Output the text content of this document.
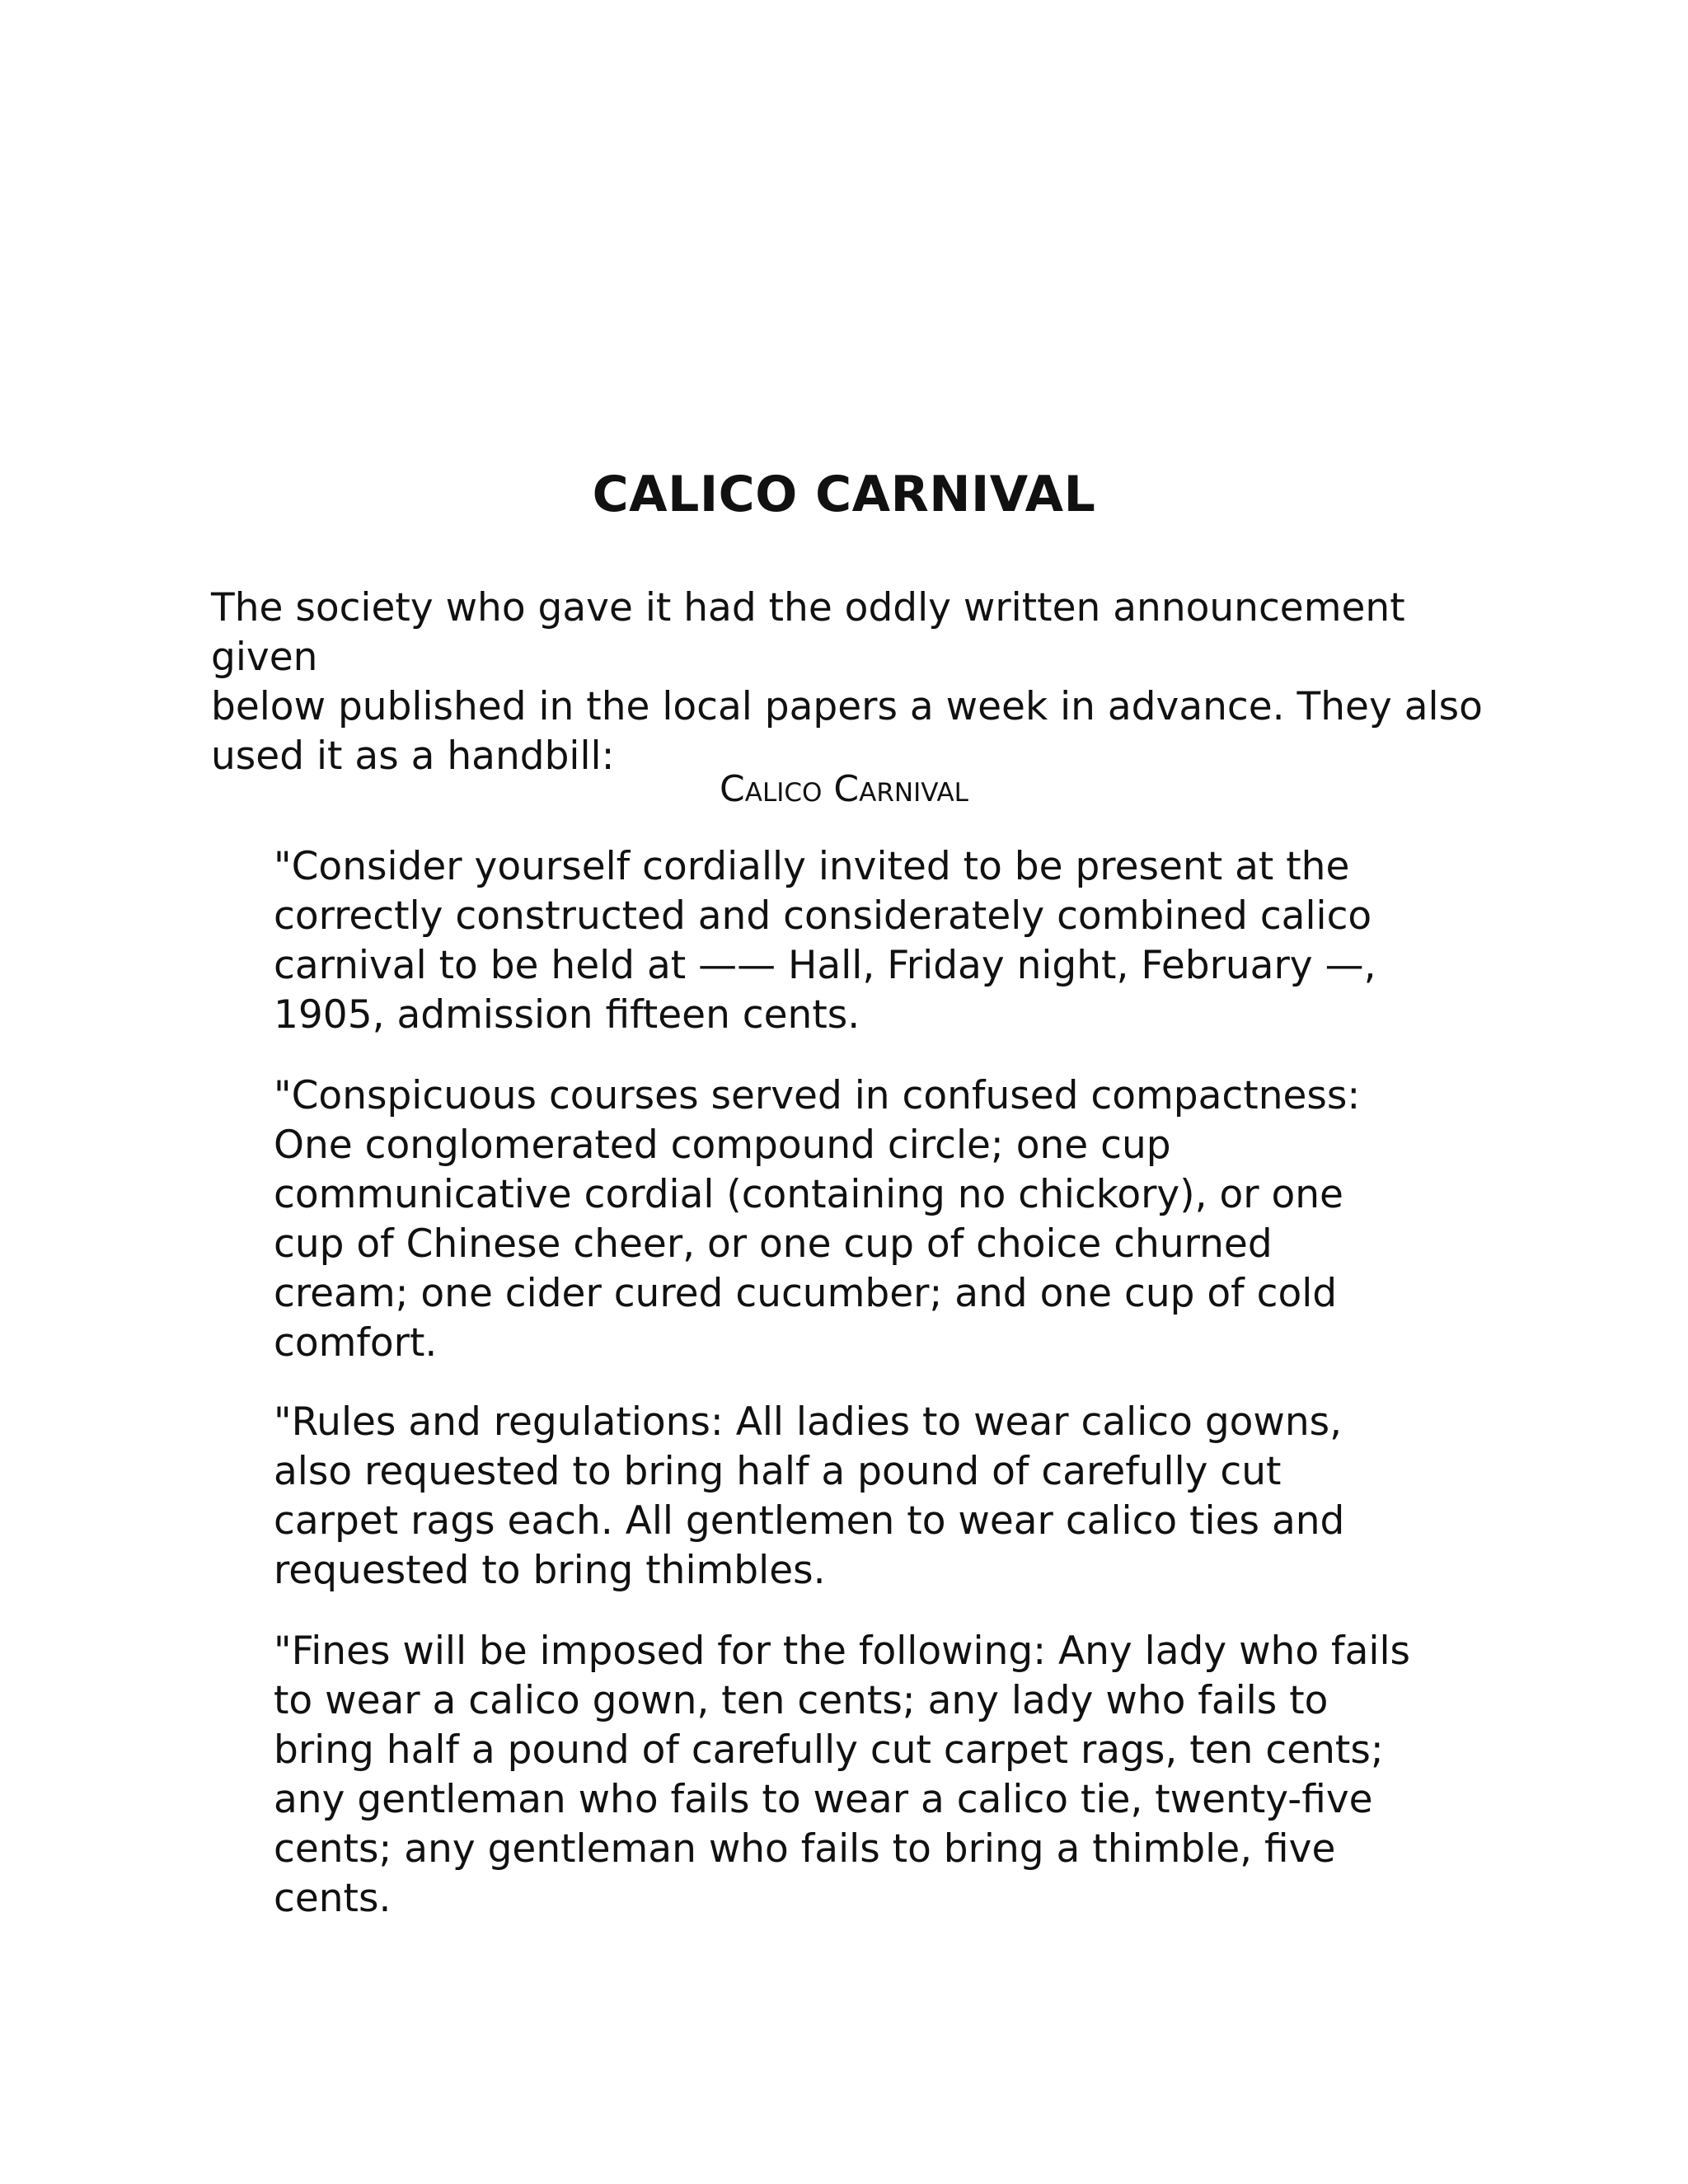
CALICO CARNIVAL

The society who gave it had the oddly written announcement given
below published in the local papers a week in advance. They also
used it as a handbill:

Calico Carnival

"Consider yourself cordially invited to be present at the
correctly constructed and considerately combined calico
carnival to be held at —— Hall, Friday night, February —,
1905, admission fifteen cents.

"Conspicuous courses served in confused compactness:
One conglomerated compound circle; one cup
communicative cordial (containing no chickory), or one
cup of Chinese cheer, or one cup of choice churned
cream; one cider cured cucumber; and one cup of cold
comfort.

"Rules and regulations: All ladies to wear calico gowns,
also requested to bring half a pound of carefully cut
carpet rags each. All gentlemen to wear calico ties and
requested to bring thimbles.

"Fines will be imposed for the following: Any lady who fails
to wear a calico gown, ten cents; any lady who fails to
bring half a pound of carefully cut carpet rags, ten cents;
any gentleman who fails to wear a calico tie, twenty-five
cents; any gentleman who fails to bring a thimble, five
cents.
